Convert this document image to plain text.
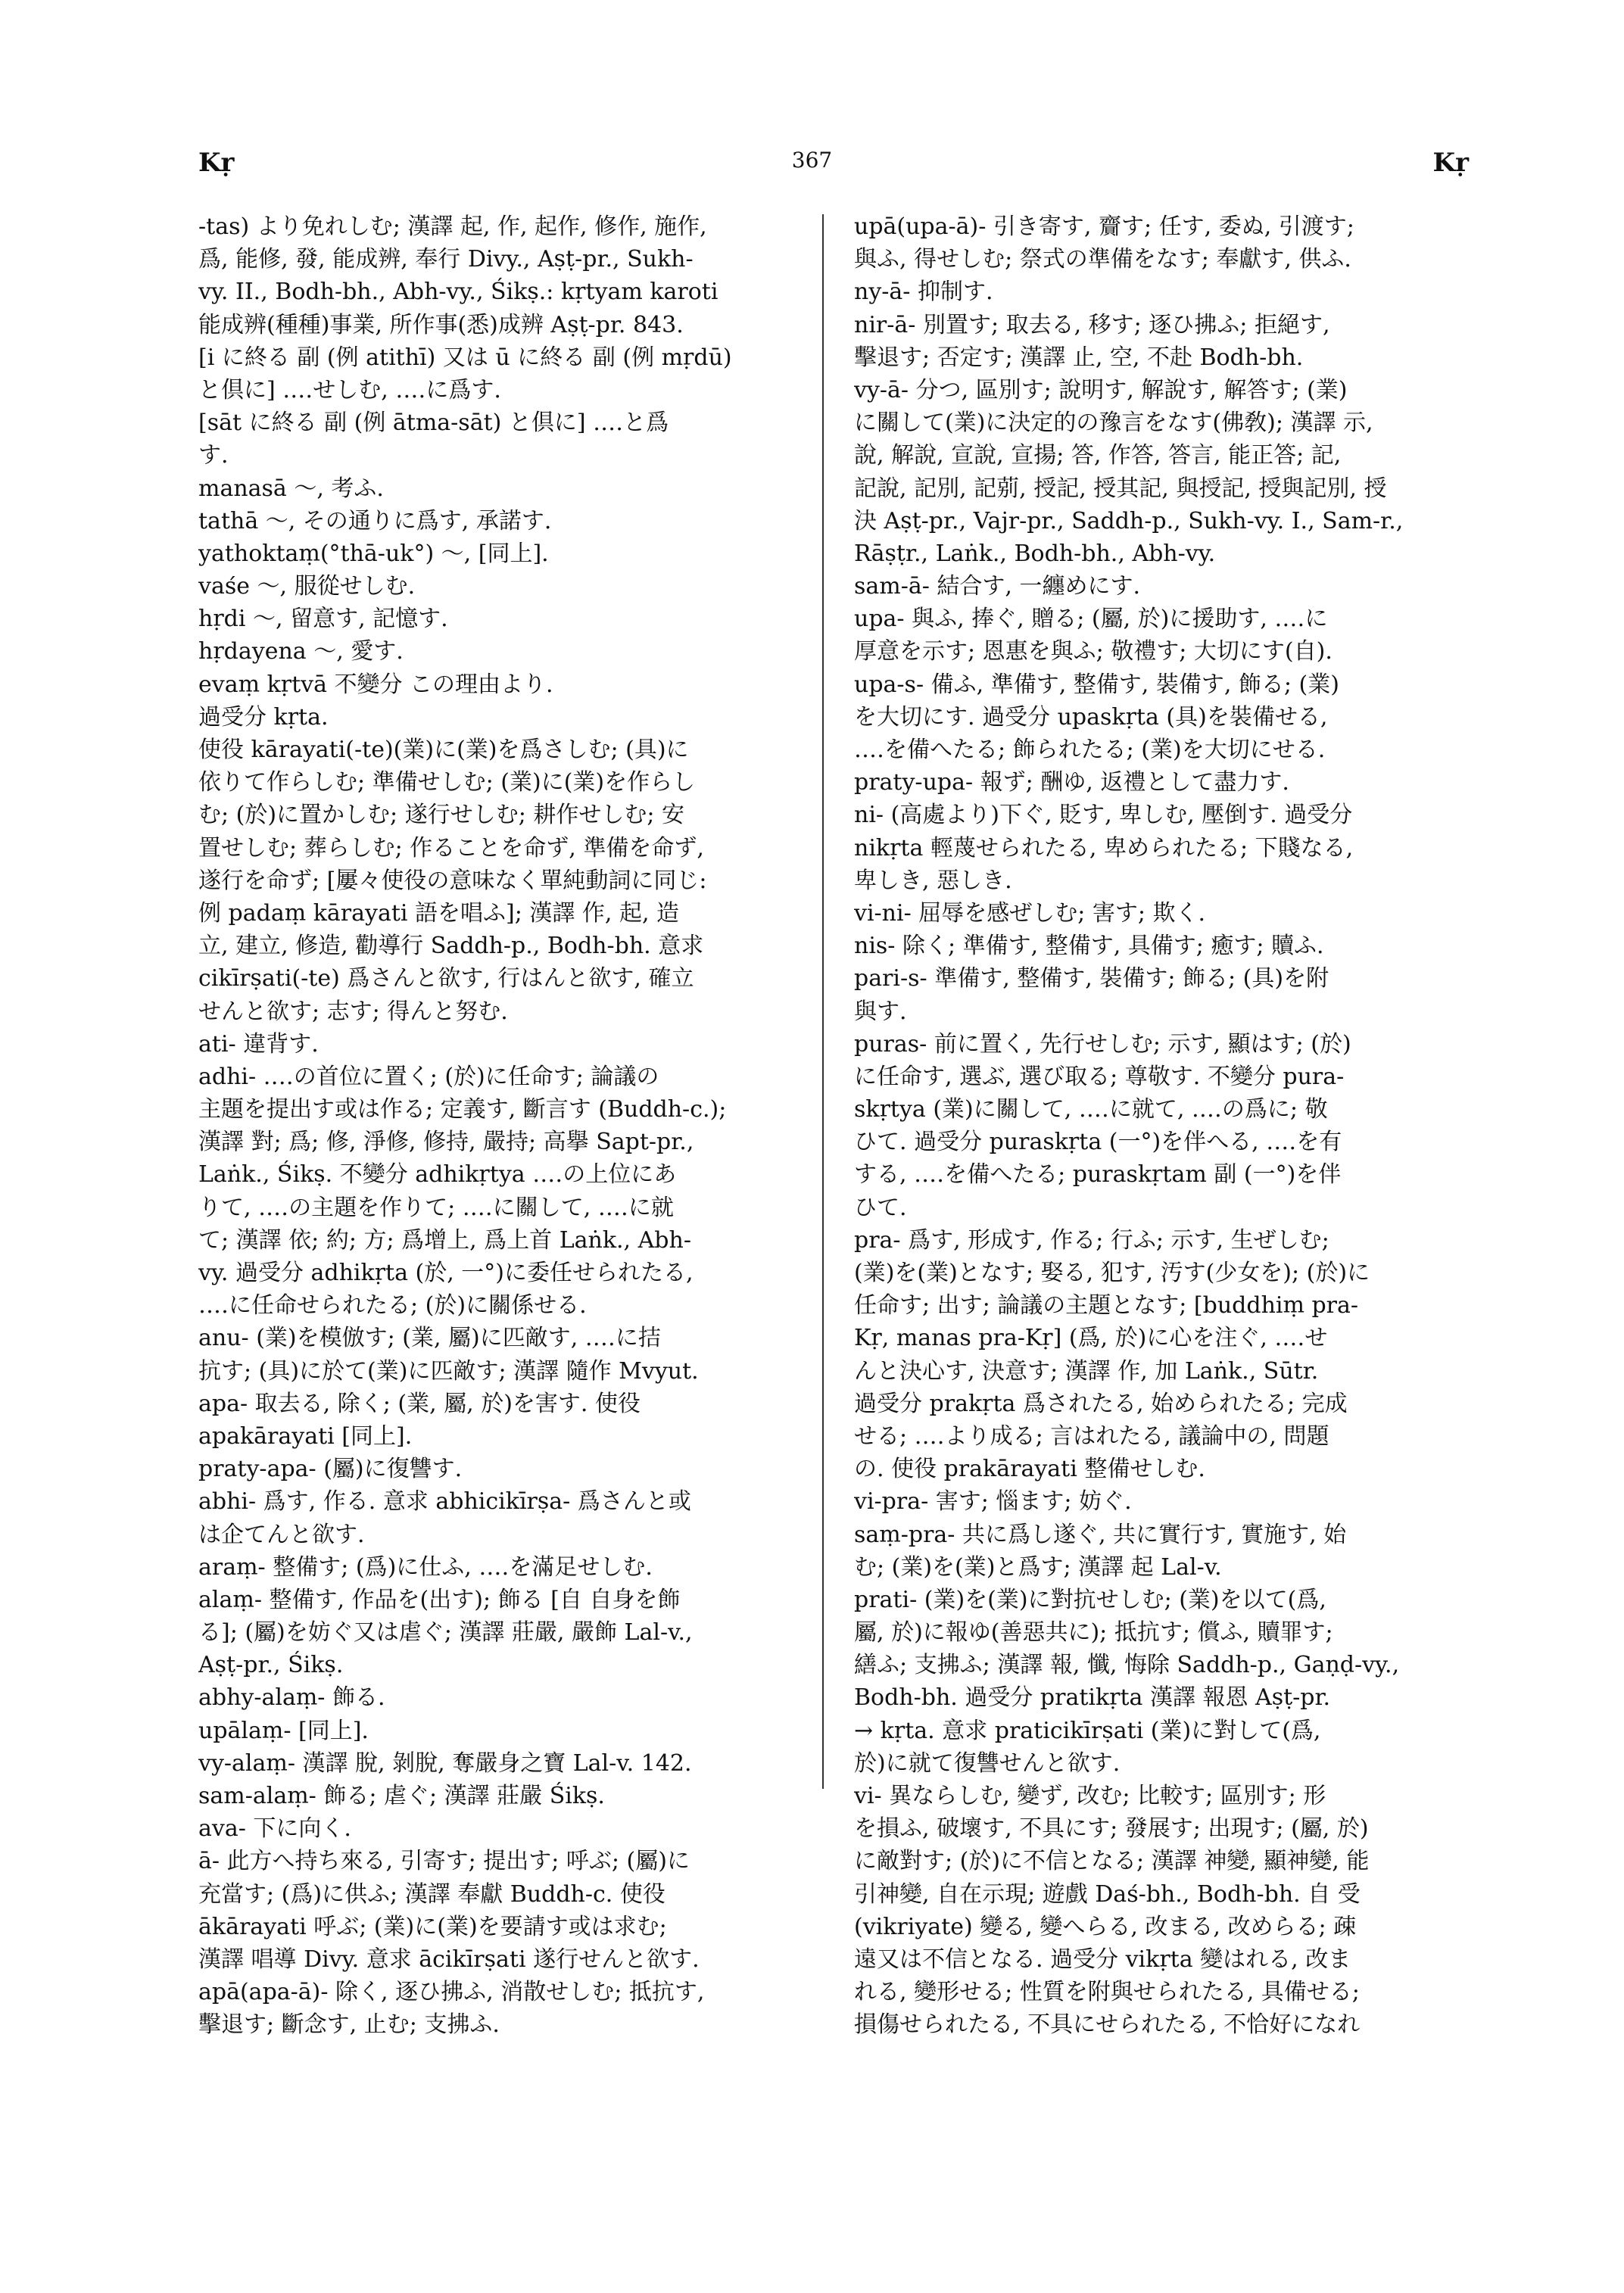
Kṛ	367	Kṛ
-tas) より免れしむ; 漢譯 起, 作, 起作, 修作, 施作,
爲, 能修, 發, 能成辨, 奉行 Divy., Aṣṭ-pr., Sukh-
vy. II., Bodh-bh., Abh-vy., Śikṣ.: kṛtyam karoti
能成辨(種種)事業, 所作事(悉)成辨 Aṣṭ-pr. 843.
[i に終る 副 (例 atithī) 又は ū に終る 副 (例 mṛdū)
と倶に] ‥‥せしむ, ‥‥に爲す.
[sāt に終る 副 (例 ātma-sāt) と倶に] ‥‥と爲
す.
manasā 〜, 考ふ.
tathā 〜, その通りに爲す, 承諾す.
yathoktaṃ(°thā-uk°) 〜, [同上].
vaśe 〜, 服從せしむ.
hṛdi 〜, 留意す, 記憶す.
hṛdayena 〜, 愛す.
evaṃ kṛtvā 不變分 この理由より.
過受分 kṛta.
使役 kārayati(-te)(業)に(業)を爲さしむ; (具)に
依りて作らしむ; 準備せしむ; (業)に(業)を作らし
む; (於)に置かしむ; 遂行せしむ; 耕作せしむ; 安
置せしむ; 葬らしむ; 作ることを命ず, 準備を命ず,
遂行を命ず; [屢々使役の意味なく單純動詞に同じ:
例 padaṃ kārayati 語を唱ふ]; 漢譯 作, 起, 造
立, 建立, 修造, 勸導行 Saddh-p., Bodh-bh. 意求
cikīrṣati(-te) 爲さんと欲す, 行はんと欲す, 確立
せんと欲す; 志す; 得んと努む.
ati- 違背す.
adhi- ‥‥の首位に置く; (於)に任命す; 論議の
主題を提出す或は作る; 定義す, 斷言す (Buddh-c.);
漢譯 對; 爲; 修, 淨修, 修持, 嚴持; 高擧 Sapt-pr.,
Laṅk., Śikṣ. 不變分 adhikṛtya ‥‥の上位にあ
りて, ‥‥の主題を作りて; ‥‥に關して, ‥‥に就
て; 漢譯 依; 約; 方; 爲增上, 爲上首 Laṅk., Abh-
vy. 過受分 adhikṛta (於, 一°)に委任せられたる,
‥‥に任命せられたる; (於)に關係せる.
anu- (業)を模倣す; (業, 屬)に匹敵す, ‥‥に拮
抗す; (具)に於て(業)に匹敵す; 漢譯 隨作 Mvyut.
apa- 取去る, 除く; (業, 屬, 於)を害す. 使役
apakārayati [同上].
praty-apa- (屬)に復讐す.
abhi- 爲す, 作る. 意求 abhicikīrṣa- 爲さんと或
は企てんと欲す.
araṃ- 整備す; (爲)に仕ふ, ‥‥を滿足せしむ.
alaṃ- 整備す, 作品を(出す); 飾る [自 自身を飾
る]; (屬)を妨ぐ又は虐ぐ; 漢譯 莊嚴, 嚴飾 Lal-v.,
Aṣṭ-pr., Śikṣ.
abhy-alaṃ- 飾る.
upālaṃ- [同上].
vy-alaṃ- 漢譯 脫, 剝脫, 奪嚴身之寶 Lal-v. 142.
sam-alaṃ- 飾る; 虐ぐ; 漢譯 莊嚴 Śikṣ.
ava- 下に向く.
ā- 此方へ持ち來る, 引寄す; 提出す; 呼ぶ; (屬)に
充當す; (爲)に供ふ; 漢譯 奉獻 Buddh-c. 使役
ākārayati 呼ぶ; (業)に(業)を要請す或は求む;
漢譯 唱導 Divy. 意求 ācikīrṣati 遂行せんと欲す.
apā(apa-ā)- 除く, 逐ひ拂ふ, 消散せしむ; 抵抗す,
擊退す; 斷念す, 止む; 支拂ふ.
upā(upa-ā)- 引き寄す, 齎す; 任す, 委ぬ, 引渡す;
與ふ, 得せしむ; 祭式の準備をなす; 奉獻す, 供ふ.
ny-ā- 抑制す.
nir-ā- 別置す; 取去る, 移す; 逐ひ拂ふ; 拒絕す,
擊退す; 否定す; 漢譯 止, 空, 不赴 Bodh-bh.
vy-ā- 分つ, 區別す; 說明す, 解說す, 解答す; (業)
に關して(業)に決定的の豫言をなす(佛敎); 漢譯 示,
說, 解說, 宣說, 宣揚; 答, 作答, 答言, 能正答; 記,
記說, 記別, 記莂, 授記, 授其記, 與授記, 授與記別, 授
決 Aṣṭ-pr., Vajr-pr., Saddh-p., Sukh-vy. I., Sam-r.,
Rāṣṭr., Laṅk., Bodh-bh., Abh-vy.
sam-ā- 結合す, 一纏めにす.
upa- 與ふ, 捧ぐ, 贈る; (屬, 於)に援助す, ‥‥に
厚意を示す; 恩惠を與ふ; 敬禮す; 大切にす(自).
upa-s- 備ふ, 準備す, 整備す, 裝備す, 飾る; (業)
を大切にす. 過受分 upaskṛta (具)を裝備せる,
‥‥を備へたる; 飾られたる; (業)を大切にせる.
praty-upa- 報ず; 酬ゆ, 返禮として盡力す.
ni- (高處より)下ぐ, 貶す, 卑しむ, 壓倒す. 過受分
nikṛta 輕蔑せられたる, 卑められたる; 下賤なる,
卑しき, 惡しき.
vi-ni- 屈辱を感ぜしむ; 害す; 欺く.
nis- 除く; 準備す, 整備す, 具備す; 癒す; 贖ふ.
pari-s- 準備す, 整備す, 裝備す; 飾る; (具)を附
與す.
puras- 前に置く, 先行せしむ; 示す, 顯はす; (於)
に任命す, 選ぶ, 選び取る; 尊敬す. 不變分 pura-
skṛtya (業)に關して, ‥‥に就て, ‥‥の爲に; 敬
ひて. 過受分 puraskṛta (一°)を伴へる, ‥‥を有
する, ‥‥を備へたる; puraskṛtam 副 (一°)を伴
ひて.
pra- 爲す, 形成す, 作る; 行ふ; 示す, 生ぜしむ;
(業)を(業)となす; 娶る, 犯す, 汚す(少女を); (於)に
任命す; 出す; 論議の主題となす; [buddhiṃ pra-
Kṛ, manas pra-Kṛ] (爲, 於)に心を注ぐ, ‥‥せ
んと決心す, 決意す; 漢譯 作, 加 Laṅk., Sūtr.
過受分 prakṛta 爲されたる, 始められたる; 完成
せる; ‥‥より成る; 言はれたる, 議論中の, 問題
の. 使役 prakārayati 整備せしむ.
vi-pra- 害す; 惱ます; 妨ぐ.
saṃ-pra- 共に爲し遂ぐ, 共に實行す, 實施す, 始
む; (業)を(業)と爲す; 漢譯 起 Lal-v.
prati- (業)を(業)に對抗せしむ; (業)を以て(爲,
屬, 於)に報ゆ(善惡共に); 抵抗す; 償ふ, 贖罪す;
繕ふ; 支拂ふ; 漢譯 報, 懺, 悔除 Saddh-p., Gaṇḍ-vy.,
Bodh-bh. 過受分 pratikṛta 漢譯 報恩 Aṣṭ-pr.
→ kṛta. 意求 praticikīrṣati (業)に對して(爲,
於)に就て復讐せんと欲す.
vi- 異ならしむ, 變ず, 改む; 比較す; 區別す; 形
を損ふ, 破壞す, 不具にす; 發展す; 出現す; (屬, 於)
に敵對す; (於)に不信となる; 漢譯 神變, 顯神變, 能
引神變, 自在示現; 遊戲 Daś-bh., Bodh-bh. 自 受
(vikriyate) 變る, 變へらる, 改まる, 改めらる; 疎
遠又は不信となる. 過受分 vikṛta 變はれる, 改ま
れる, 變形せる; 性質を附與せられたる, 具備せる;
損傷せられたる, 不具にせられたる, 不恰好になれ
